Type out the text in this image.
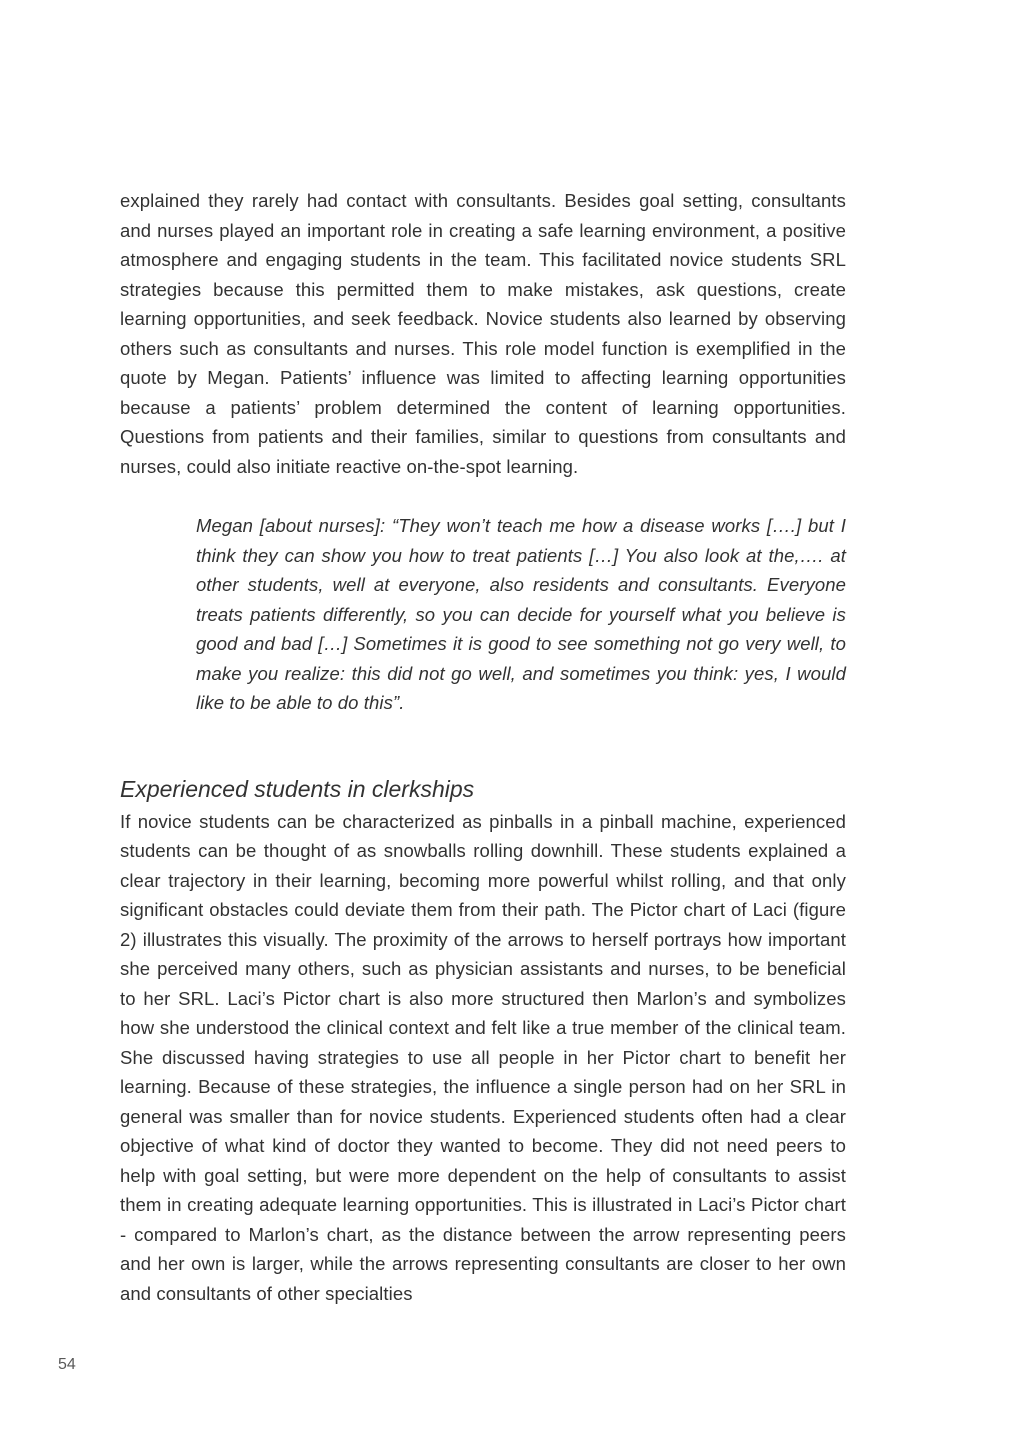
explained they rarely had contact with consultants. Besides goal setting, consultants and nurses played an important role in creating a safe learning environment, a positive atmosphere and engaging students in the team. This facilitated novice students SRL strategies because this permitted them to make mistakes, ask questions, create learning opportunities, and seek feedback. Novice students also learned by observing others such as consultants and nurses. This role model function is exemplified in the quote by Megan. Patients’ influence was limited to affecting learning opportunities because a patients’ problem determined the content of learning opportunities. Questions from patients and their families, similar to questions from consultants and nurses, could also initiate reactive on-the-spot learning.

Megan [about nurses]: “They won’t teach me how a disease works [….] but I think they can show you how to treat patients […] You also look at the,…. at other students, well at everyone, also residents and consultants. Everyone treats patients differently, so you can decide for yourself what you believe is good and bad […] Sometimes it is good to see something not go very well, to make you realize: this did not go well, and sometimes you think: yes, I would like to be able to do this”.

Experienced students in clerkships

If novice students can be characterized as pinballs in a pinball machine, experienced students can be thought of as snowballs rolling downhill. These students explained a clear trajectory in their learning, becoming more powerful whilst rolling, and that only significant obstacles could deviate them from their path. The Pictor chart of Laci (figure 2) illustrates this visually. The proximity of the arrows to herself portrays how important she perceived many others, such as physician assistants and nurses, to be beneficial to her SRL. Laci’s Pictor chart is also more structured then Marlon’s and symbolizes how she understood the clinical context and felt like a true member of the clinical team. She discussed having strategies to use all people in her Pictor chart to benefit her learning. Because of these strategies, the influence a single person had on her SRL in general was smaller than for novice students. Experienced students often had a clear objective of what kind of doctor they wanted to become. They did not need peers to help with goal setting, but were more dependent on the help of consultants to assist them in creating adequate learning opportunities. This is illustrated in Laci’s Pictor chart - compared to Marlon’s chart, as the distance between the arrow representing peers and her own is larger, while the arrows representing consultants are closer to her own and consultants of other specialties

54
